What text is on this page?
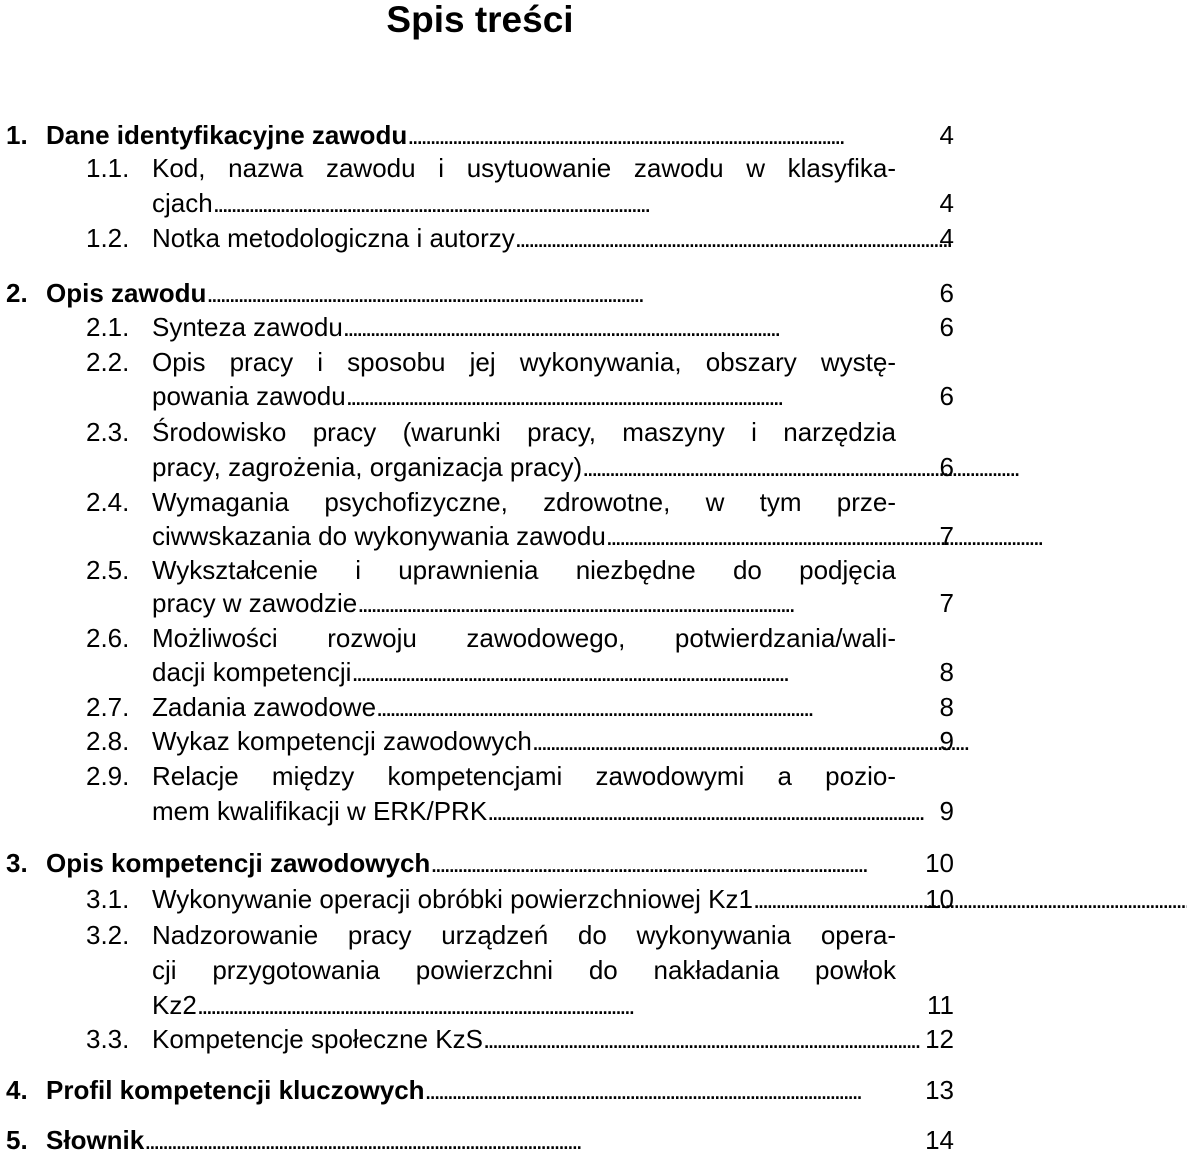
Spis treści
1. Dane identyfikacyjne zawodu . . .	4
1.1. Kod, nazwa zawodu i usytuowanie zawodu w klasyfika-
cjach . . .	4
1.2. Notka metodologiczna i autorzy . . .	4
2. Opis zawodu . . .	6
2.1. Synteza zawodu . . .	6
2.2. Opis pracy i sposobu jej wykonywania, obszary wystę-
powania zawodu . . .	6
2.3. Środowisko pracy (warunki pracy, maszyny i narzędzia
pracy, zagrożenia, organizacja pracy) . . .	6
2.4. Wymagania psychofizyczne, zdrowotne, w tym prze-
ciwwskazania do wykonywania zawodu . . .	7
2.5. Wykształcenie i uprawnienia niezbędne do podjęcia
pracy w zawodzie . . .	7
2.6. Możliwości rozwoju zawodowego, potwierdzania/wali-
dacji kompetencji . . .	8
2.7. Zadania zawodowe . . .	8
2.8. Wykaz kompetencji zawodowych . . .	9
2.9. Relacje między kompetencjami zawodowymi a pozio-
mem kwalifikacji w ERK/PRK . . .	9
3. Opis kompetencji zawodowych . . .	10
3.1. Wykonywanie operacji obróbki powierzchniowej Kz1 . . .	10
3.2. Nadzorowanie pracy urządzeń do wykonywania opera-
cji przygotowania powierzchni do nakładania powłok
Kz2 . . .	11
3.3. Kompetencje społeczne KzS . . .	12
4. Profil kompetencji kluczowych . . .	13
5. Słownik . . .	14
